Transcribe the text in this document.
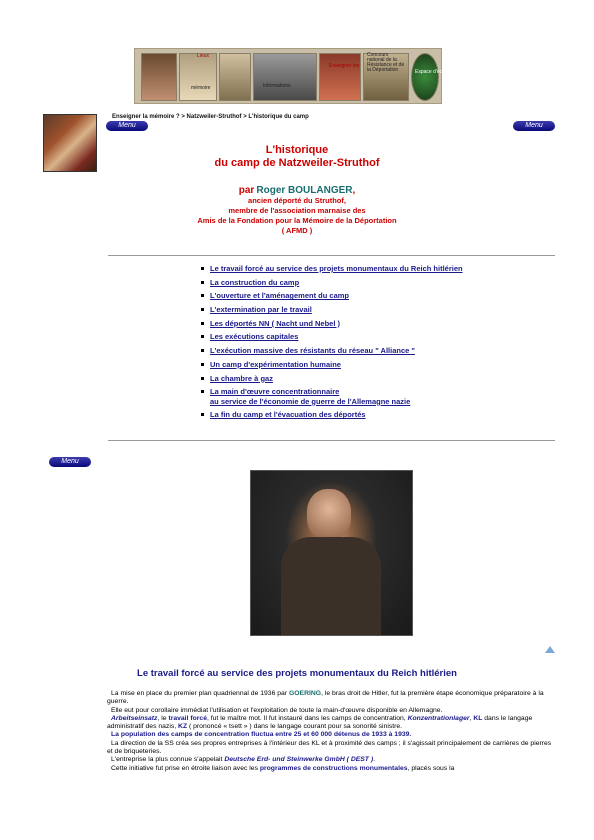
Lieux
mémoire	Informations
Enseigner les
Concours national de la Résistance et de la Déportation	Espace d'échanges
Enseigner la mémoire ? > Natzweiler-Struthof > L'historique du camp
Menu	Menu
L'historique
du camp de Natzweiler-Struthof
par Roger BOULANGER,
ancien déporté du Struthof,
membre de l'association marnaise des
Amis de la Fondation pour la Mémoire de la Déportation
( AFMD )
Le travail forcé au service des projets monumentaux du Reich hitlérien
La construction du camp
L'ouverture et l'aménagement du camp
L'extermination par le travail
Les déportés NN ( Nacht und Nebel )
Les exécutions capitales
L'exécution massive des résistants du réseau " Alliance "
Un camp d'expérimentation humaine
La chambre à gaz
La main d'œuvre concentrationnaire
au service de l'économie de guerre de l'Allemagne nazie
La fin du camp et l'évacuation des déportés
Menu
Le travail forcé au service des projets monumentaux du Reich hitlérien

La mise en place du premier plan quadriennal de 1936 par GOERING, le bras droit de Hitler, fut la première étape économique préparatoire à la guerre.

Elle eut pour corollaire immédiat l'utilisation et l'exploitation de toute la main-d'œuvre disponible en Allemagne.

Arbeitseinsatz, le travail forcé, fut le maître mot. Il fut instauré dans les camps de concentration, Konzentrationlager, KL dans le langage administratif des nazis, KZ ( prononcé « tsett » ) dans le langage courant pour sa sonorité sinistre.

La population des camps de concentration fluctua entre 25 et 60 000 détenus de 1933 à 1939.

La direction de la SS créa ses propres entreprises à l'intérieur des KL et à proximité des camps ; il s'agissait principalement de carrières de pierres et de briqueteries.

L'entreprise la plus connue s'appelait Deutsche Erd- und Steinwerke GmbH ( DEST ).

Cette initiative fut prise en étroite liaison avec les programmes de constructions monumentales, placés sous la
